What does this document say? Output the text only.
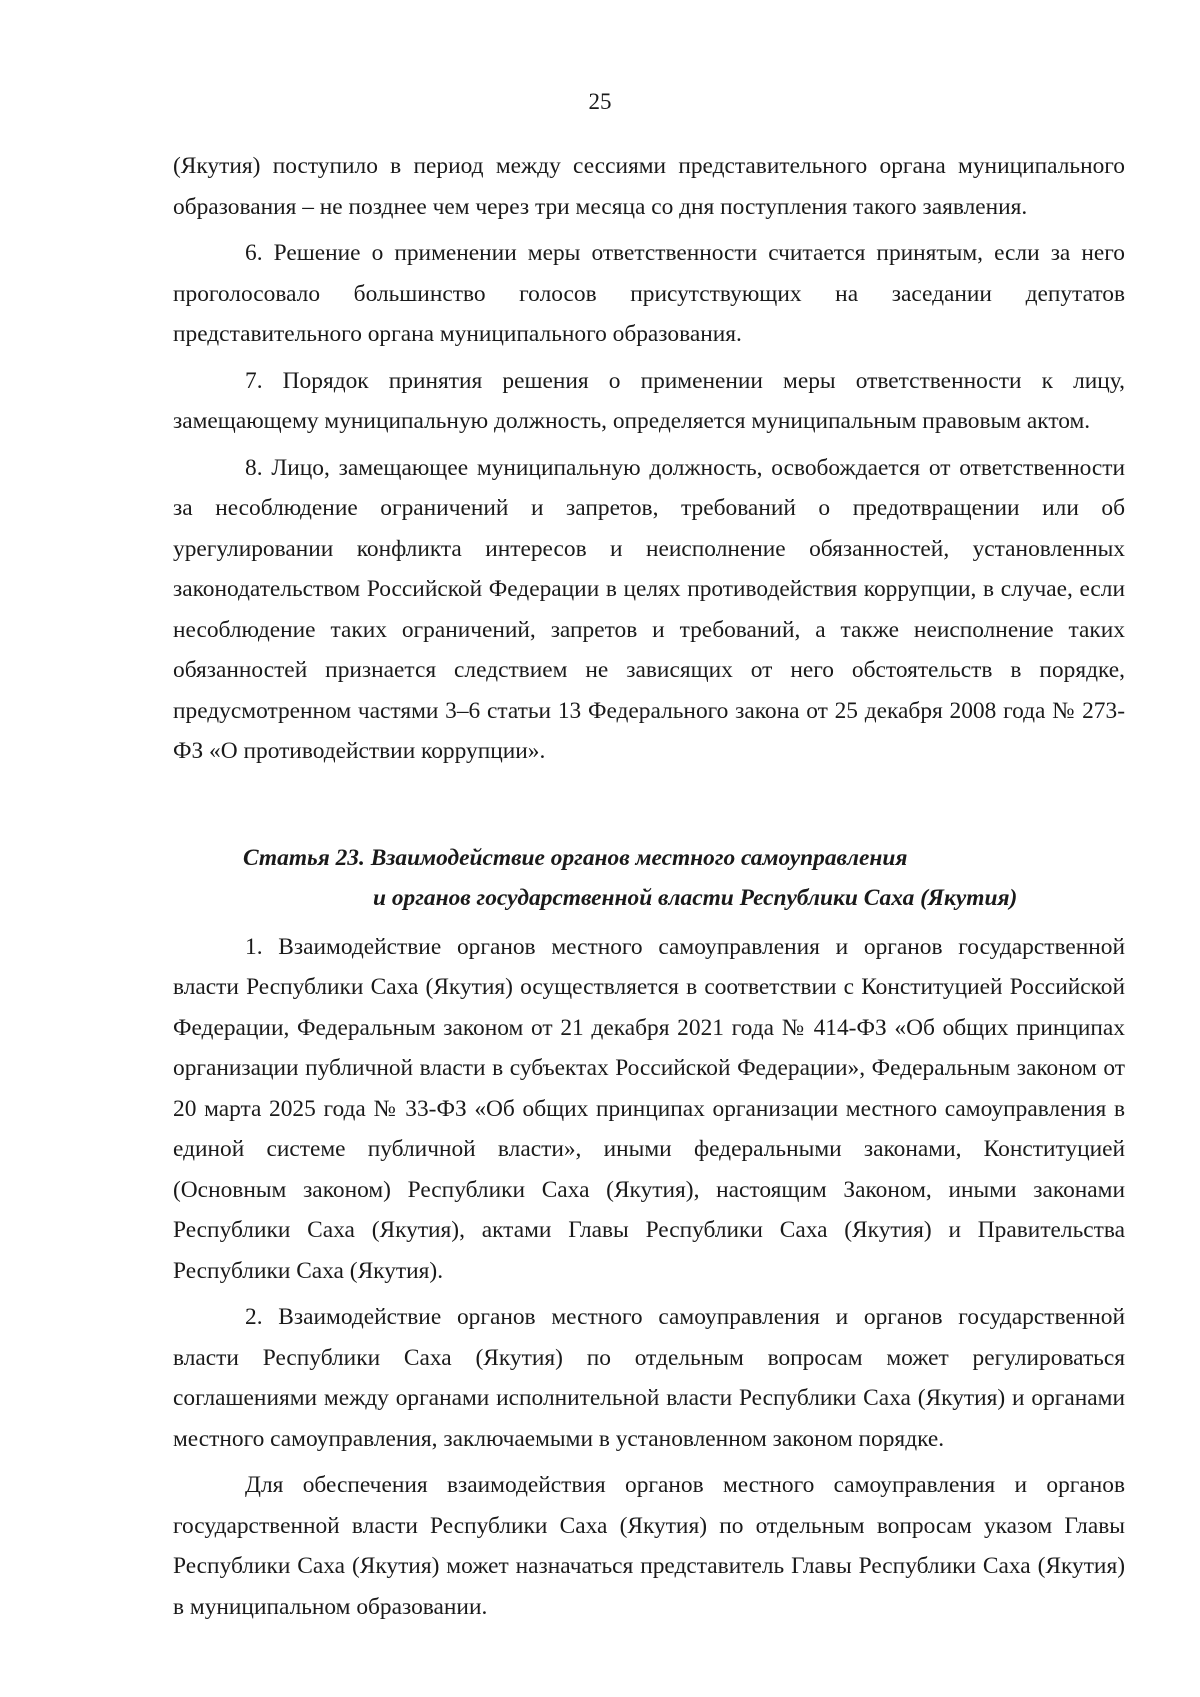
25

(Якутия) поступило в период между сессиями представительного органа муниципального образования – не позднее чем через три месяца со дня поступления такого заявления.

6. Решение о применении меры ответственности считается принятым, если за него проголосовало большинство голосов присутствующих на заседании депутатов представительного органа муниципального образования.

7. Порядок принятия решения о применении меры ответственности к лицу, замещающему муниципальную должность, определяется муниципальным правовым актом.

8. Лицо, замещающее муниципальную должность, освобождается от ответственности за несоблюдение ограничений и запретов, требований о предотвращении или об урегулировании конфликта интересов и неисполнение обязанностей, установленных законодательством Российской Федерации в целях противодействия коррупции, в случае, если несоблюдение таких ограничений, запретов и требований, а также неисполнение таких обязанностей признается следствием не зависящих от него обстоятельств в порядке, предусмотренном частями 3–6 статьи 13 Федерального закона от 25 декабря 2008 года № 273-ФЗ «О противодействии коррупции».

Статья 23. Взаимодействие органов местного самоуправления
и органов государственной власти Республики Саха (Якутия)

1. Взаимодействие органов местного самоуправления и органов государственной власти Республики Саха (Якутия) осуществляется в соответствии с Конституцией Российской Федерации, Федеральным законом от 21 декабря 2021 года № 414-ФЗ «Об общих принципах организации публичной власти в субъектах Российской Федерации», Федеральным законом от 20 марта 2025 года № 33-ФЗ «Об общих принципах организации местного самоуправления в единой системе публичной власти», иными федеральными законами, Конституцией (Основным законом) Республики Саха (Якутия), настоящим Законом, иными законами Республики Саха (Якутия), актами Главы Республики Саха (Якутия) и Правительства Республики Саха (Якутия).

2. Взаимодействие органов местного самоуправления и органов государственной власти Республики Саха (Якутия) по отдельным вопросам может регулироваться соглашениями между органами исполнительной власти Республики Саха (Якутия) и органами местного самоуправления, заключаемыми в установленном законом порядке.

Для обеспечения взаимодействия органов местного самоуправления и органов государственной власти Республики Саха (Якутия) по отдельным вопросам указом Главы Республики Саха (Якутия) может назначаться представитель Главы Республики Саха (Якутия) в муниципальном образовании.
